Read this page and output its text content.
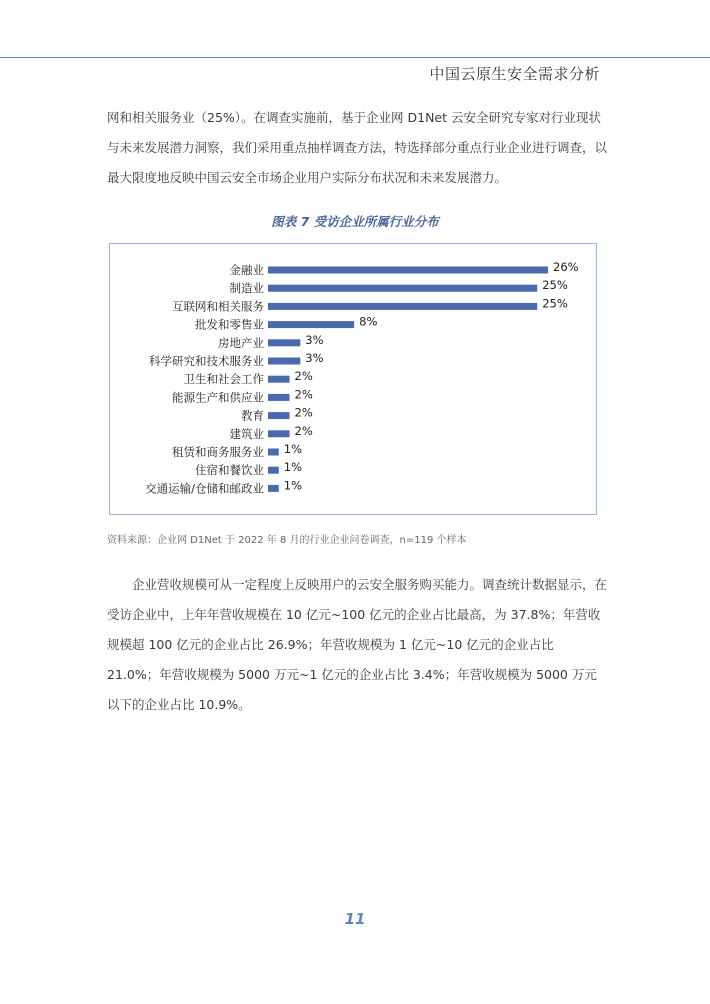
中国云原生安全需求分析

网和相关服务业（25%）。在调查实施前，基于企业网 D1Net 云安全研究专家对行业现状与未来发展潜力洞察，我们采用重点抽样调查方法，特选择部分重点行业企业进行调查，以最大限度地反映中国云安全市场企业用户实际分布状况和未来发展潜力。

图表 7 受访企业所属行业分布
金融业	26%
制造业	25%
互联网和相关服务	25%
批发和零售业	8%
房地产业	3%
科学研究和技术服务业	3%
卫生和社会工作	2%
能源生产和供应业	2%
教育	2%
建筑业	2%
租赁和商务服务业 1%
住宿和餐饮业 1%
交通运输/仓储和邮政业 1%
资料来源：企业网 D1Net 于 2022 年 8 月的行业企业问卷调查，n=119 个样本

企业营收规模可从一定程度上反映用户的云安全服务购买能力。调查统计数据显示，在受访企业中，上年年营收规模在 10 亿元~100 亿元的企业占比最高，为 37.8%；年营收规模超 100 亿元的企业占比 26.9%；年营收规模为 1 亿元~10 亿元的企业占比 21.0%；年营收规模为 5000 万元~1 亿元的企业占比 3.4%；年营收规模为 5000 万元以下的企业占比 10.9%。

11
